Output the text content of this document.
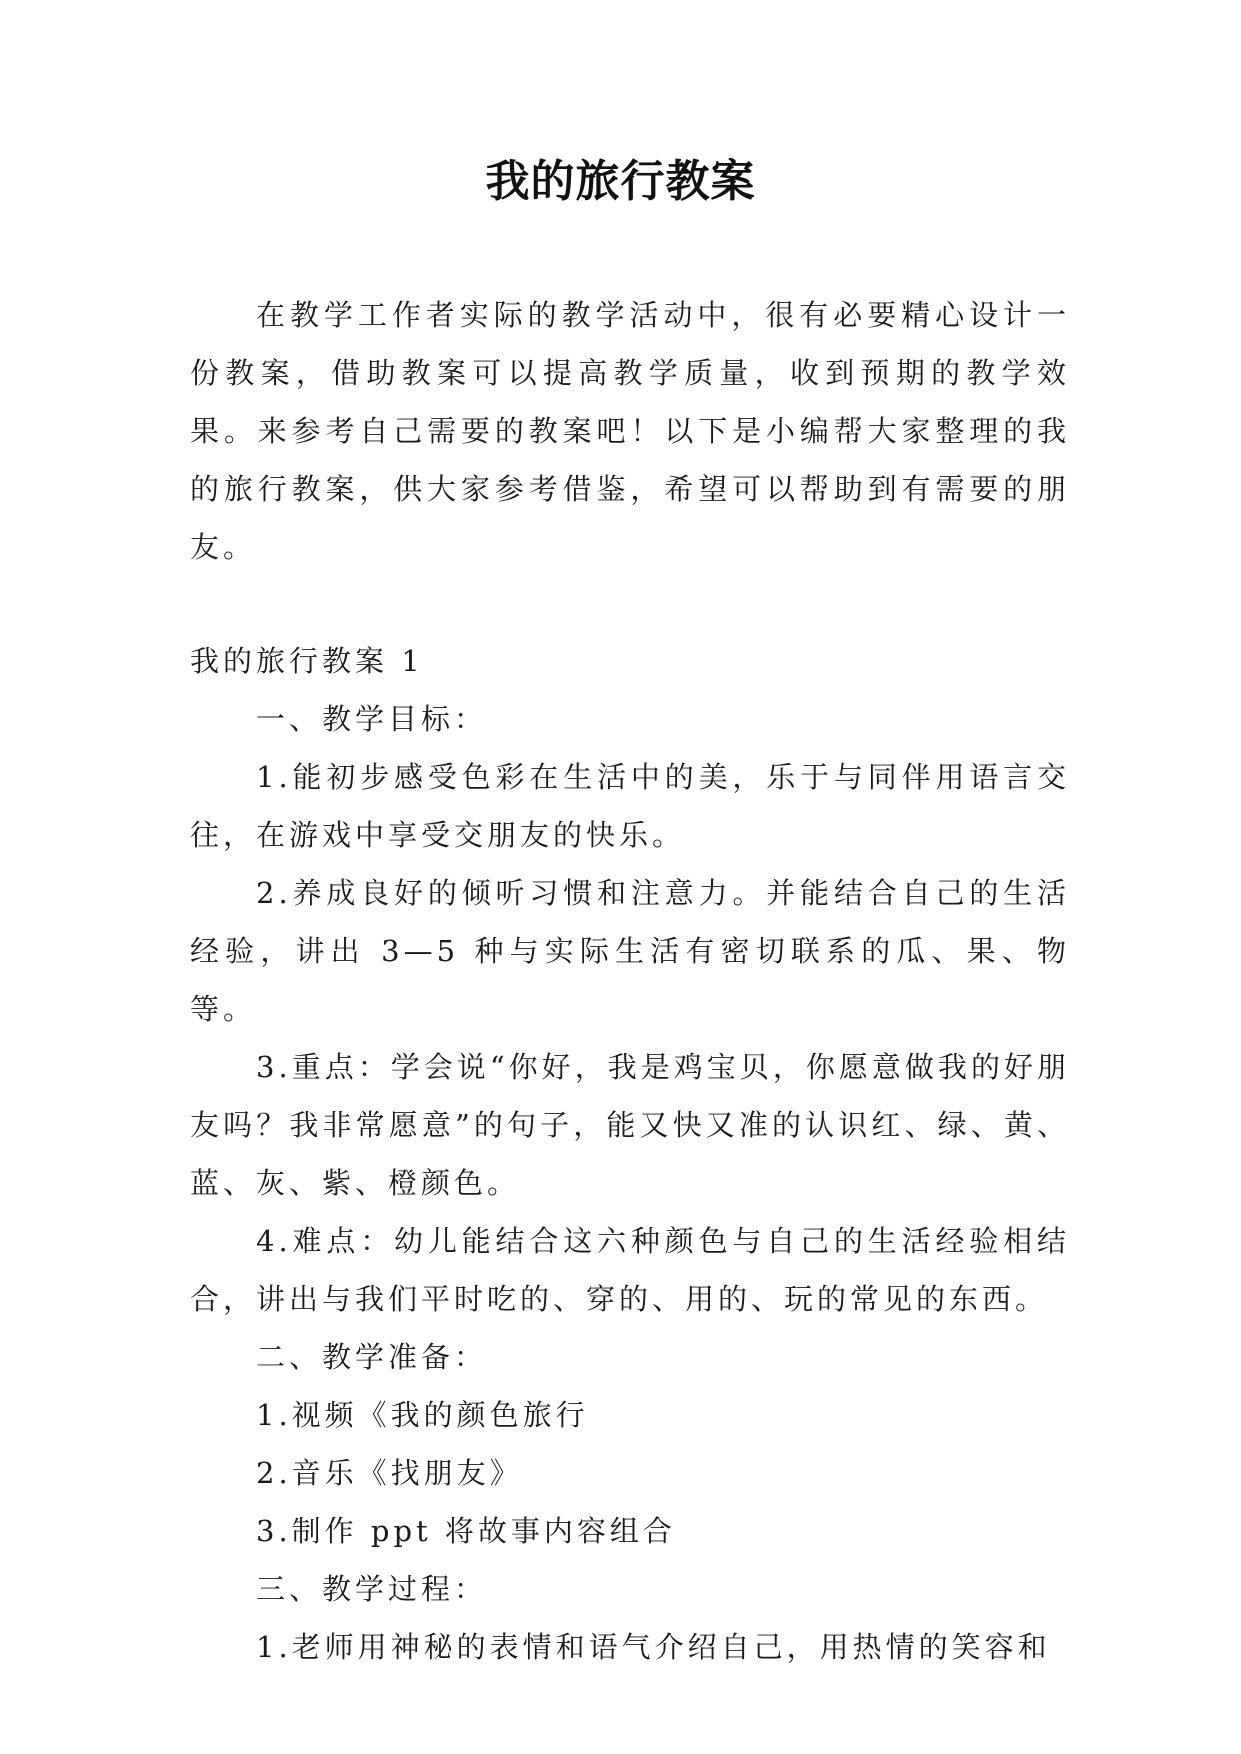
我的旅行教案

在教学工作者实际的教学活动中，很有必要精心设计一份教案，借助教案可以提高教学质量，收到预期的教学效果。来参考自己需要的教案吧！以下是小编帮大家整理的我的旅行教案，供大家参考借鉴，希望可以帮助到有需要的朋友。

我的旅行教案 1

一、教学目标：

1.能初步感受色彩在生活中的美，乐于与同伴用语言交往，在游戏中享受交朋友的快乐。

2.养成良好的倾听习惯和注意力。并能结合自己的生活经验，讲出 3—5 种与实际生活有密切联系的瓜、果、物等。

3.重点：学会说“你好，我是鸡宝贝，你愿意做我的好朋友吗？我非常愿意”的句子，能又快又准的认识红、绿、黄、蓝、灰、紫、橙颜色。

4.难点：幼儿能结合这六种颜色与自己的生活经验相结合，讲出与我们平时吃的、穿的、用的、玩的常见的东西。

二、教学准备：

1.视频《我的颜色旅行

2.音乐《找朋友》

3.制作 ppt 将故事内容组合

三、教学过程：

1.老师用神秘的表情和语气介绍自己，用热情的笑容和
